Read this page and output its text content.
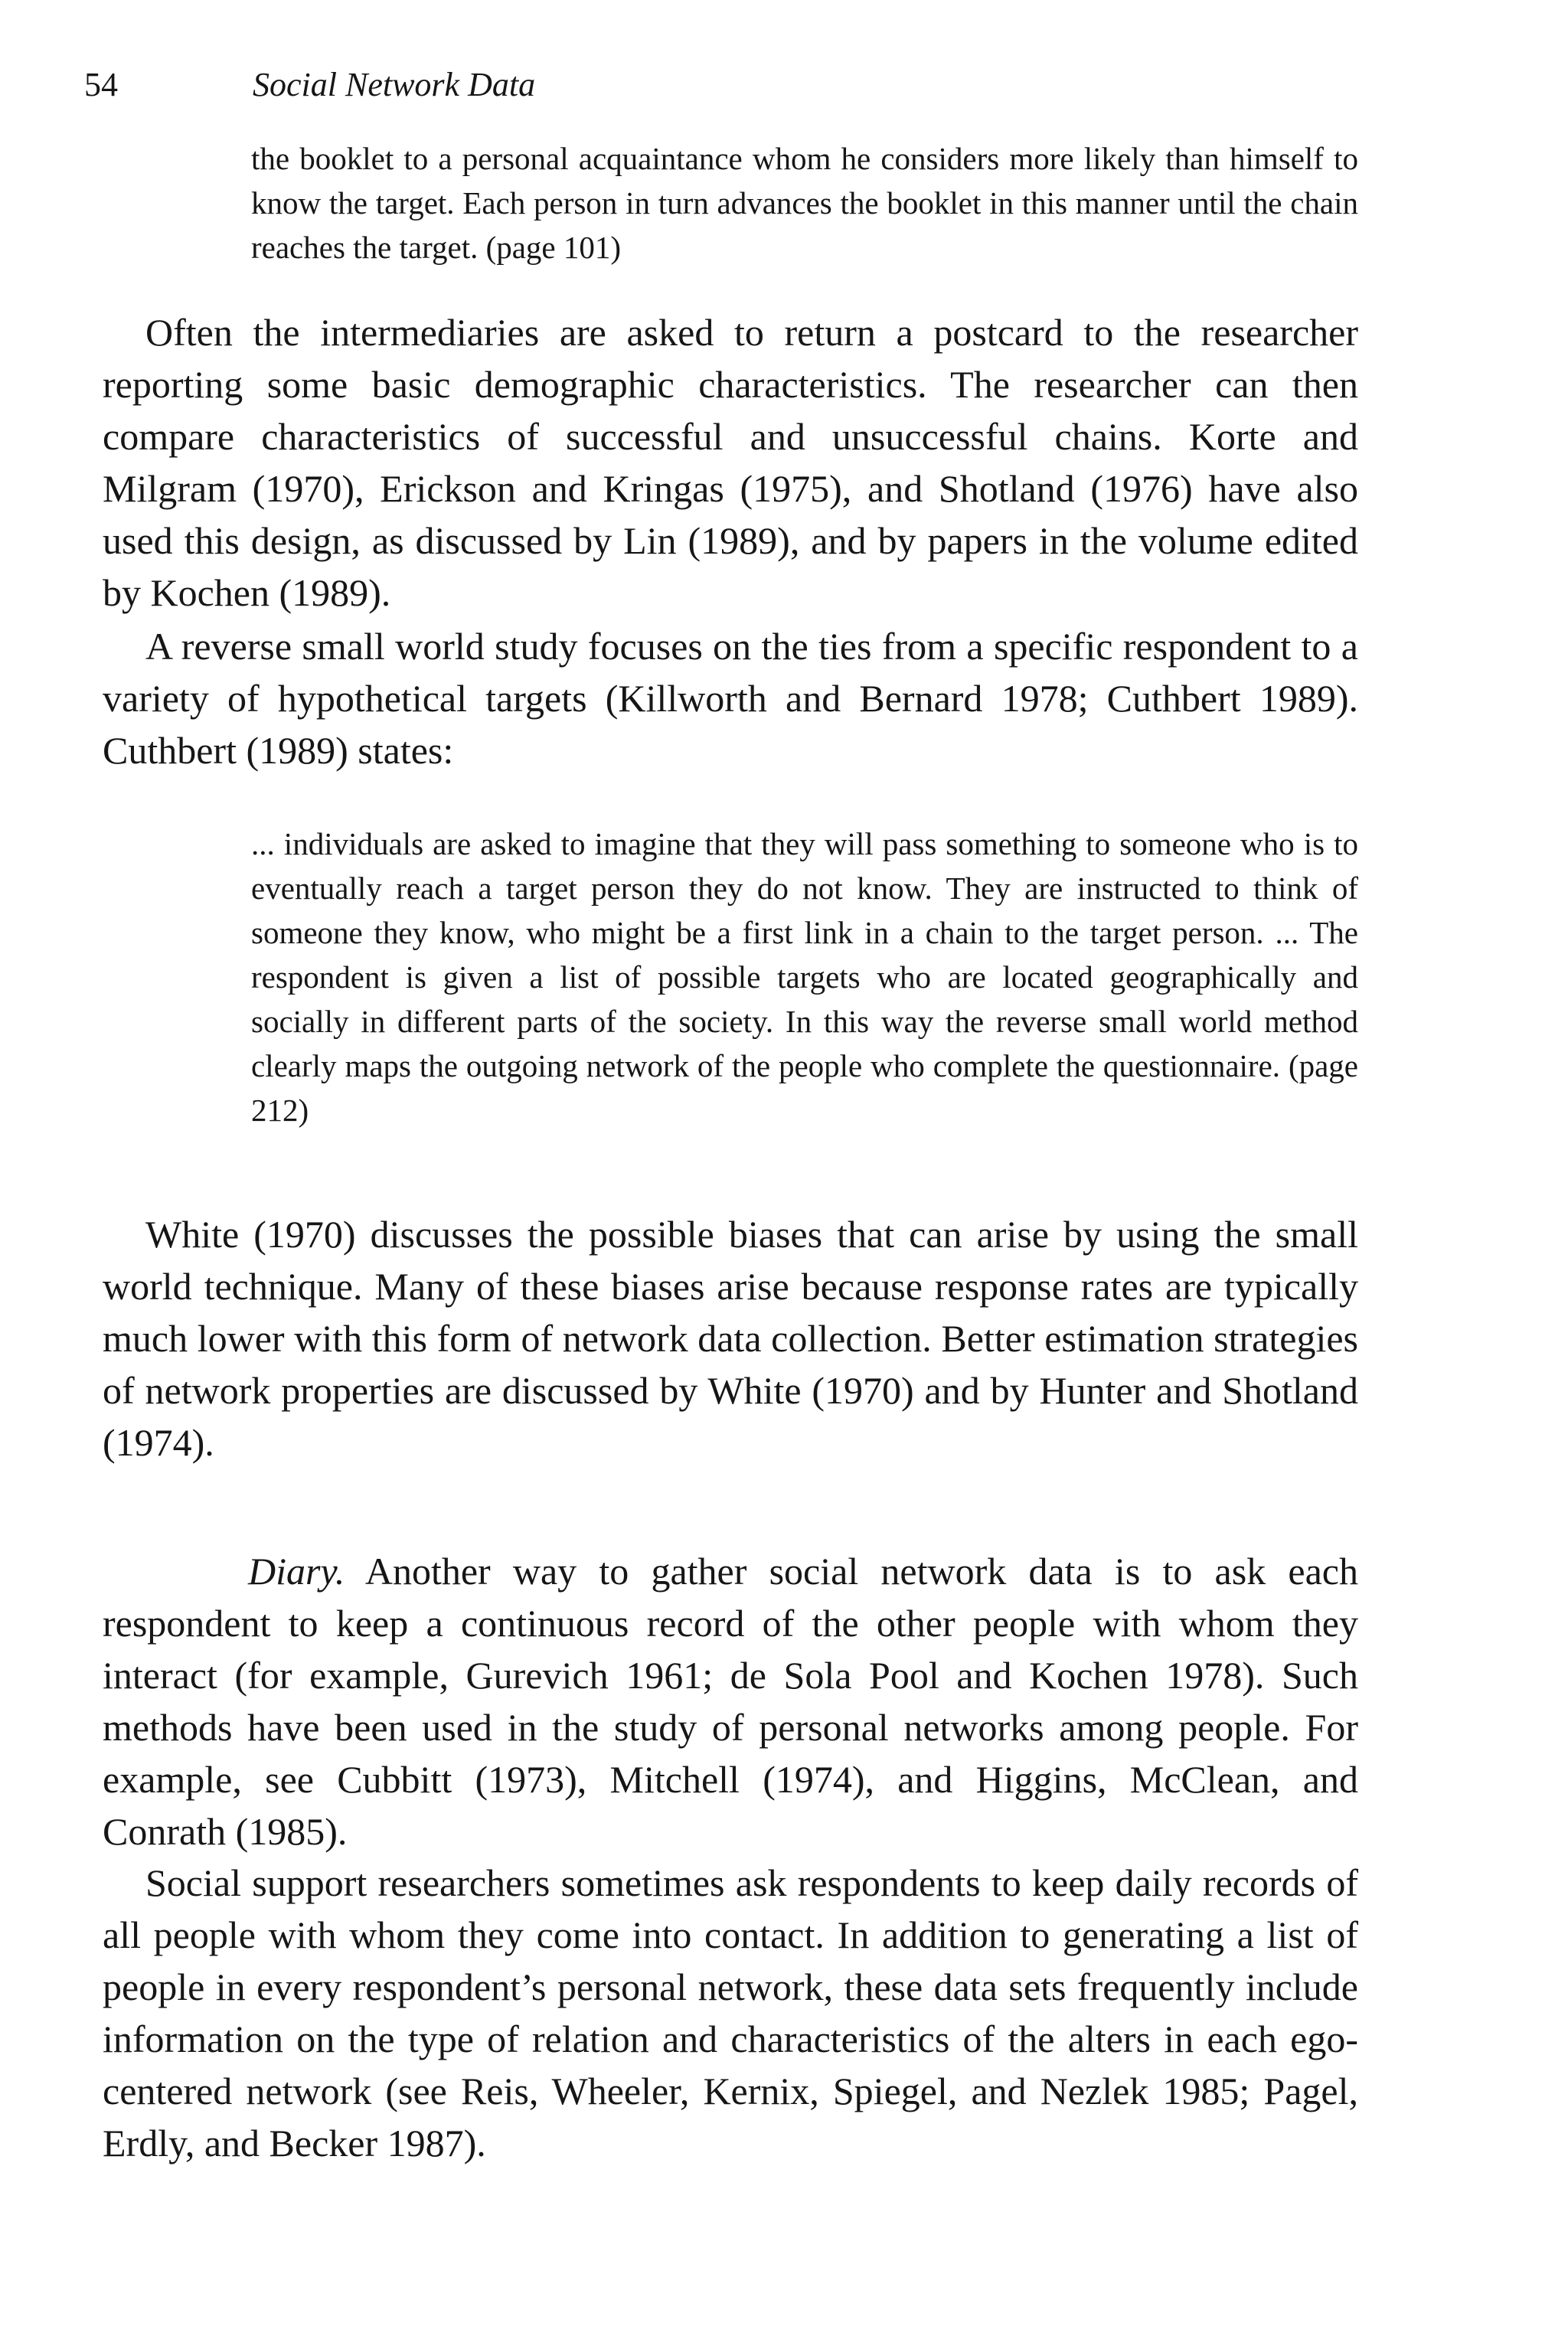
54	Social Network Data

the booklet to a personal acquaintance whom he considers more likely than himself to know the target. Each person in turn advances the booklet in this manner until the chain reaches the target. (page 101)

Often the intermediaries are asked to return a postcard to the researcher reporting some basic demographic characteristics. The researcher can then compare characteristics of successful and unsuccessful chains. Korte and Milgram (1970), Erickson and Kringas (1975), and Shotland (1976) have also used this design, as discussed by Lin (1989), and by papers in the volume edited by Kochen (1989).

A reverse small world study focuses on the ties from a specific respondent to a variety of hypothetical targets (Killworth and Bernard 1978; Cuthbert 1989). Cuthbert (1989) states:

... individuals are asked to imagine that they will pass something to someone who is to eventually reach a target person they do not know. They are instructed to think of someone they know, who might be a first link in a chain to the target person. ... The respondent is given a list of possible targets who are located geographically and socially in different parts of the society. In this way the reverse small world method clearly maps the outgoing network of the people who complete the questionnaire. (page 212)

White (1970) discusses the possible biases that can arise by using the small world technique. Many of these biases arise because response rates are typically much lower with this form of network data collection. Better estimation strategies of network properties are discussed by White (1970) and by Hunter and Shotland (1974).

Diary. Another way to gather social network data is to ask each respondent to keep a continuous record of the other people with whom they interact (for example, Gurevich 1961; de Sola Pool and Kochen 1978). Such methods have been used in the study of personal networks among people. For example, see Cubbitt (1973), Mitchell (1974), and Higgins, McClean, and Conrath (1985).

Social support researchers sometimes ask respondents to keep daily records of all people with whom they come into contact. In addition to generating a list of people in every respondent’s personal network, these data sets frequently include information on the type of relation and characteristics of the alters in each ego-centered network (see Reis, Wheeler, Kernix, Spiegel, and Nezlek 1985; Pagel, Erdly, and Becker 1987).
